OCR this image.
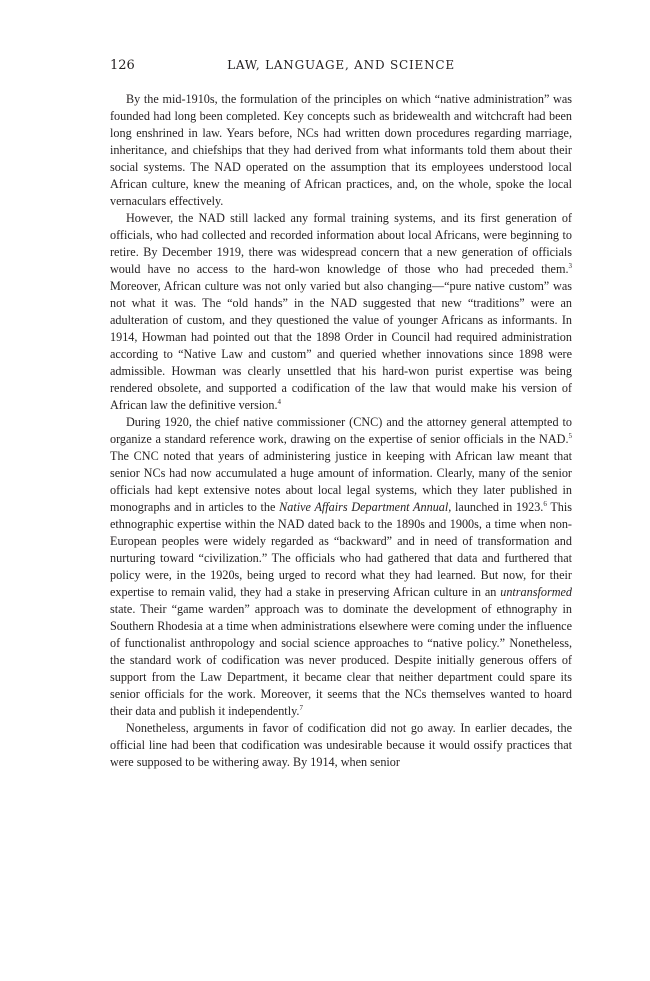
126	LAW, LANGUAGE, AND SCIENCE

By the mid-1910s, the formulation of the principles on which “native administration” was founded had long been completed. Key concepts such as bridewealth and witchcraft had been long enshrined in law. Years before, NCs had written down procedures regarding marriage, inheritance, and chiefships that they had derived from what informants told them about their social systems. The NAD operated on the assumption that its employees understood local African culture, knew the meaning of African practices, and, on the whole, spoke the local vernaculars effectively.

However, the NAD still lacked any formal training systems, and its first generation of officials, who had collected and recorded information about local Africans, were beginning to retire. By December 1919, there was widespread concern that a new generation of officials would have no access to the hard-won knowledge of those who had preceded them.$^3$ Moreover, African culture was not only varied but also changing—“pure native custom” was not what it was. The “old hands” in the NAD suggested that new “traditions” were an adulteration of custom, and they questioned the value of younger Africans as informants. In 1914, Howman had pointed out that the 1898 Order in Council had required administration according to “Native Law and custom” and queried whether innovations since 1898 were admissible. Howman was clearly unsettled that his hard-won purist expertise was being rendered obsolete, and supported a codification of the law that would make his version of African law the definitive version.$^4$

During 1920, the chief native commissioner (CNC) and the attorney general attempted to organize a standard reference work, drawing on the expertise of senior officials in the NAD.$^5$ The CNC noted that years of administering justice in keeping with African law meant that senior NCs had now accumulated a huge amount of information. Clearly, many of the senior officials had kept extensive notes about local legal systems, which they later published in monographs and in articles to the Native Affairs Department Annual, launched in 1923.$^6$ This ethnographic expertise within the NAD dated back to the 1890s and 1900s, a time when non-European peoples were widely regarded as “backward” and in need of transformation and nurturing toward “civilization.” The officials who had gathered that data and furthered that policy were, in the 1920s, being urged to record what they had learned. But now, for their expertise to remain valid, they had a stake in preserving African culture in an untransformed state. Their “game warden” approach was to dominate the development of ethnography in Southern Rhodesia at a time when administrations elsewhere were coming under the influence of functionalist anthropology and social science approaches to “native policy.” Nonetheless, the standard work of codification was never produced. Despite initially generous offers of support from the Law Department, it became clear that neither department could spare its senior officials for the work. Moreover, it seems that the NCs themselves wanted to hoard their data and publish it independently.$^7$

Nonetheless, arguments in favor of codification did not go away. In earlier decades, the official line had been that codification was undesirable because it would ossify practices that were supposed to be withering away. By 1914, when senior
